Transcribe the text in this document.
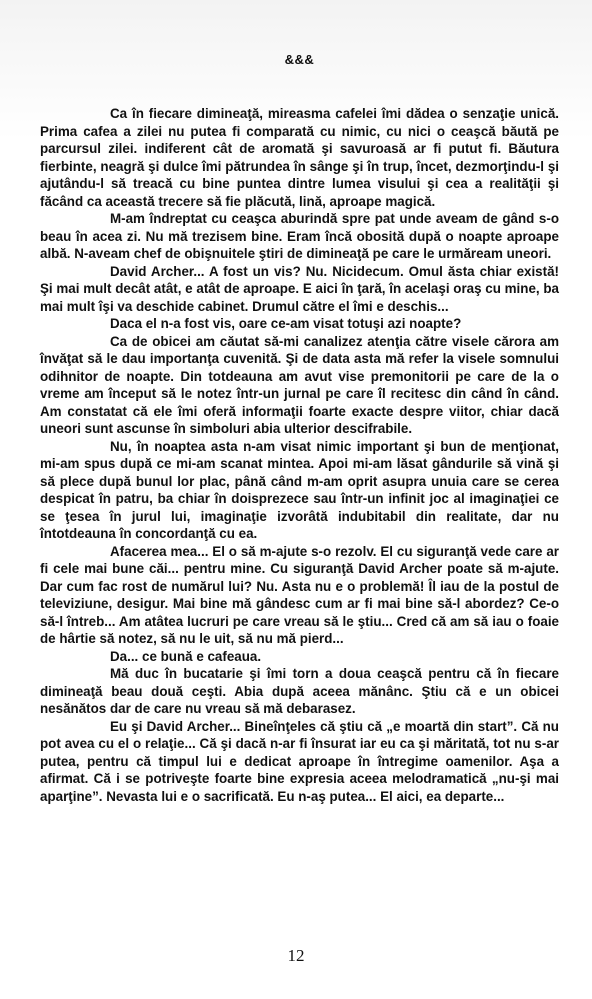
&&&

Ca în fiecare dimineaţă, mireasma cafelei îmi dădea o senzaţie unică. Prima cafea a zilei nu putea fi comparată cu nimic, cu nici o ceaşcă băută pe parcursul zilei. indiferent cât de aromată şi savuroasă ar fi putut fi. Băutura fierbinte, neagră şi dulce îmi pătrundea în sânge şi în trup, încet, dezmorţindu-l şi ajutându-l să treacă cu bine puntea dintre lumea visului şi cea a realităţii şi făcând ca această trecere să fie plăcută, lină, aproape magică.

M-am îndreptat cu ceaşca aburindă spre pat unde aveam de gând s-o beau în acea zi. Nu mă trezisem bine. Eram încă obosită după o noapte aproape albă. N-aveam chef de obişnuitele ştiri de dimineaţă pe care le urmăream uneori.

David Archer... A fost un vis? Nu. Nicidecum. Omul ăsta chiar există! Şi mai mult decât atât, e atât de aproape. E aici în ţară, în acelaşi oraş cu mine, ba mai mult îşi va deschide cabinet. Drumul către el îmi e deschis...

Daca el n-a fost vis, oare ce-am visat totuşi azi noapte?

Ca de obicei am căutat să-mi canalizez atenţia către visele cărora am învăţat să le dau importanţa cuvenită. Şi de data asta mă refer la visele somnului odihnitor de noapte. Din totdeauna am avut vise premonitorii pe care de la o vreme am început să le notez într-un jurnal pe care îl recitesc din când în când. Am constatat că ele îmi oferă informaţii foarte exacte despre viitor, chiar dacă uneori sunt ascunse în simboluri abia ulterior descifrabile.

Nu, în noaptea asta n-am visat nimic important şi bun de menţionat, mi-am spus după ce mi-am scanat mintea. Apoi mi-am lăsat gândurile să vină şi să plece după bunul lor plac, până când m-am oprit asupra unuia care se cerea despicat în patru, ba chiar în doisprezece sau într-un infinit joc al imaginaţiei ce se ţesea în jurul lui, imaginaţie izvorâtă indubitabil din realitate, dar nu întotdeauna în concordanţă cu ea.

Afacerea mea... El o să m-ajute s-o rezolv. El cu siguranţă vede care ar fi cele mai bune căi... pentru mine. Cu siguranţă David Archer poate să m-ajute. Dar cum fac rost de numărul lui? Nu. Asta nu e o problemă! Îl iau de la postul de televiziune, desigur. Mai bine mă gândesc cum ar fi mai bine să-l abordez? Ce-o să-l întreb... Am atâtea lucruri pe care vreau să le ştiu... Cred că am să iau o foaie de hârtie să notez, să nu le uit, să nu mă pierd...

Da... ce bună e cafeaua.

Mă duc în bucatarie şi îmi torn a doua ceaşcă pentru că în fiecare dimineaţă beau două ceşti. Abia după aceea mănânc. Ştiu că e un obicei nesănătos dar de care nu vreau să mă debarasez.

Eu şi David Archer... Bineînţeles că ştiu că „e moartă din start”. Că nu pot avea cu el o relaţie... Că şi dacă n-ar fi însurat iar eu ca şi măritată, tot nu s-ar putea, pentru că timpul lui e dedicat aproape în întregime oamenilor. Aşa a afirmat. Că i se potriveşte foarte bine expresia aceea melodramatică „nu-şi mai aparţine”. Nevasta lui e o sacrificată. Eu n-aş putea... El aici, ea departe...

12
